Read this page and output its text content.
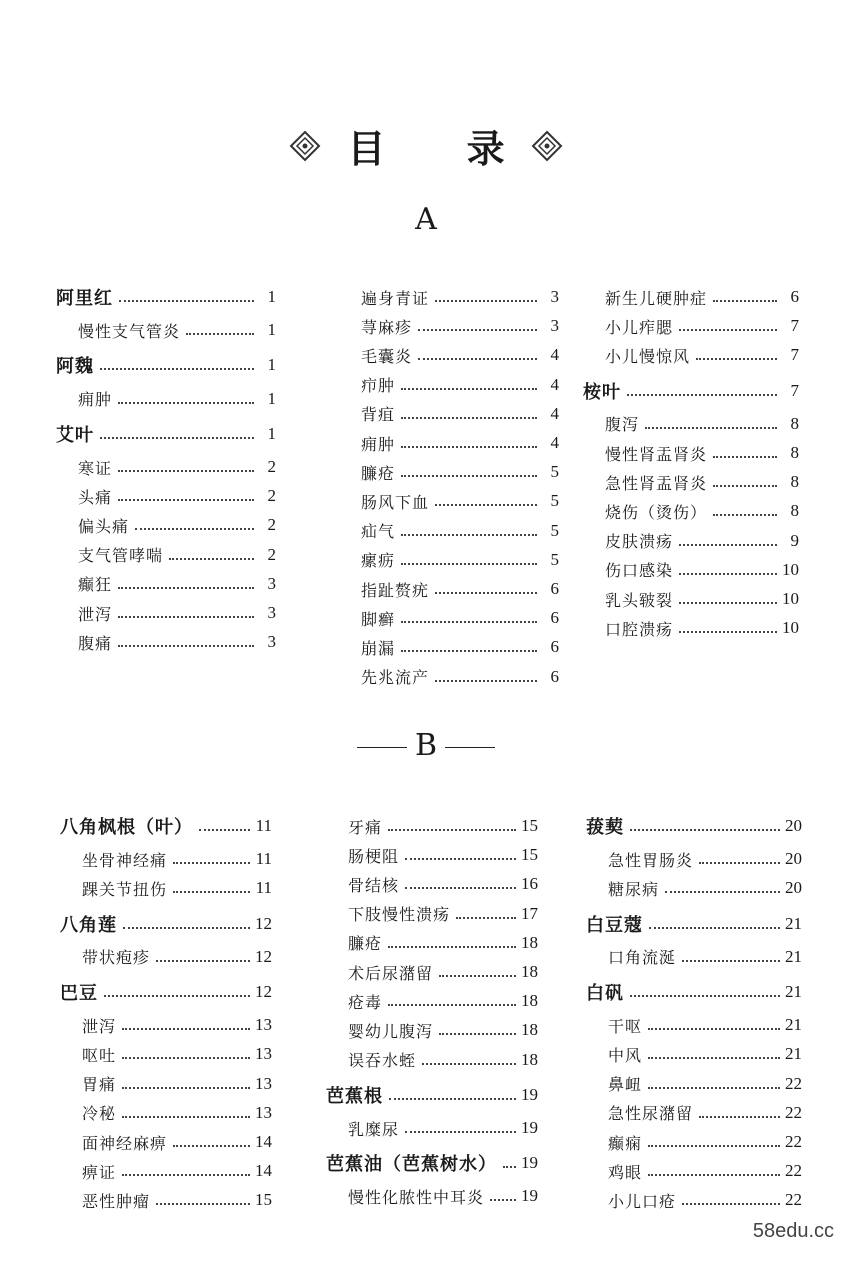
目 录
A
B
阿里红	1
慢性支气管炎	1
阿魏	1
痈肿	1
艾叶	1
寒证	2
头痛	2
偏头痛	2
支气管哮喘	2
癫狂	3
泄泻	3
腹痛	3
遍身青证	3
荨麻疹	3
毛囊炎	4
疖肿	4
背疽	4
痈肿	4
臁疮	5
肠风下血	5
疝气	5
瘰疬	5
指趾赘疣	6
脚癣	6
崩漏	6
先兆流产	6
新生儿硬肿症	6
小儿痄腮	7
小儿慢惊风	7
桉叶	7
腹泻	8
慢性肾盂肾炎	8
急性肾盂肾炎	8
烧伤（烫伤）	8
皮肤溃疡	9
伤口感染	10
乳头皲裂	10
口腔溃疡	10
八角枫根（叶）	11
坐骨神经痛	11
踝关节扭伤	11
八角莲	12
带状疱疹	12
巴豆	12
泄泻	13
呕吐	13
胃痛	13
冷秘	13
面神经麻痹	14
痹证	14
恶性肿瘤	15
牙痛	15
肠梗阻	15
骨结核	16
下肢慢性溃疡	17
臁疮	18
术后尿潴留	18
疮毒	18
婴幼儿腹泻	18
误吞水蛭	18
芭蕉根	19
乳糜尿	19
芭蕉油（芭蕉树水） 19
慢性化脓性中耳炎 19
菝葜	20
急性胃肠炎	20
糖尿病	20
白豆蔻	21
口角流涎	21
白矾	21
干呕	21
中风	21
鼻衄	22
急性尿潴留	22
癫痫	22
鸡眼	22
小儿口疮	22
58edu.cc
